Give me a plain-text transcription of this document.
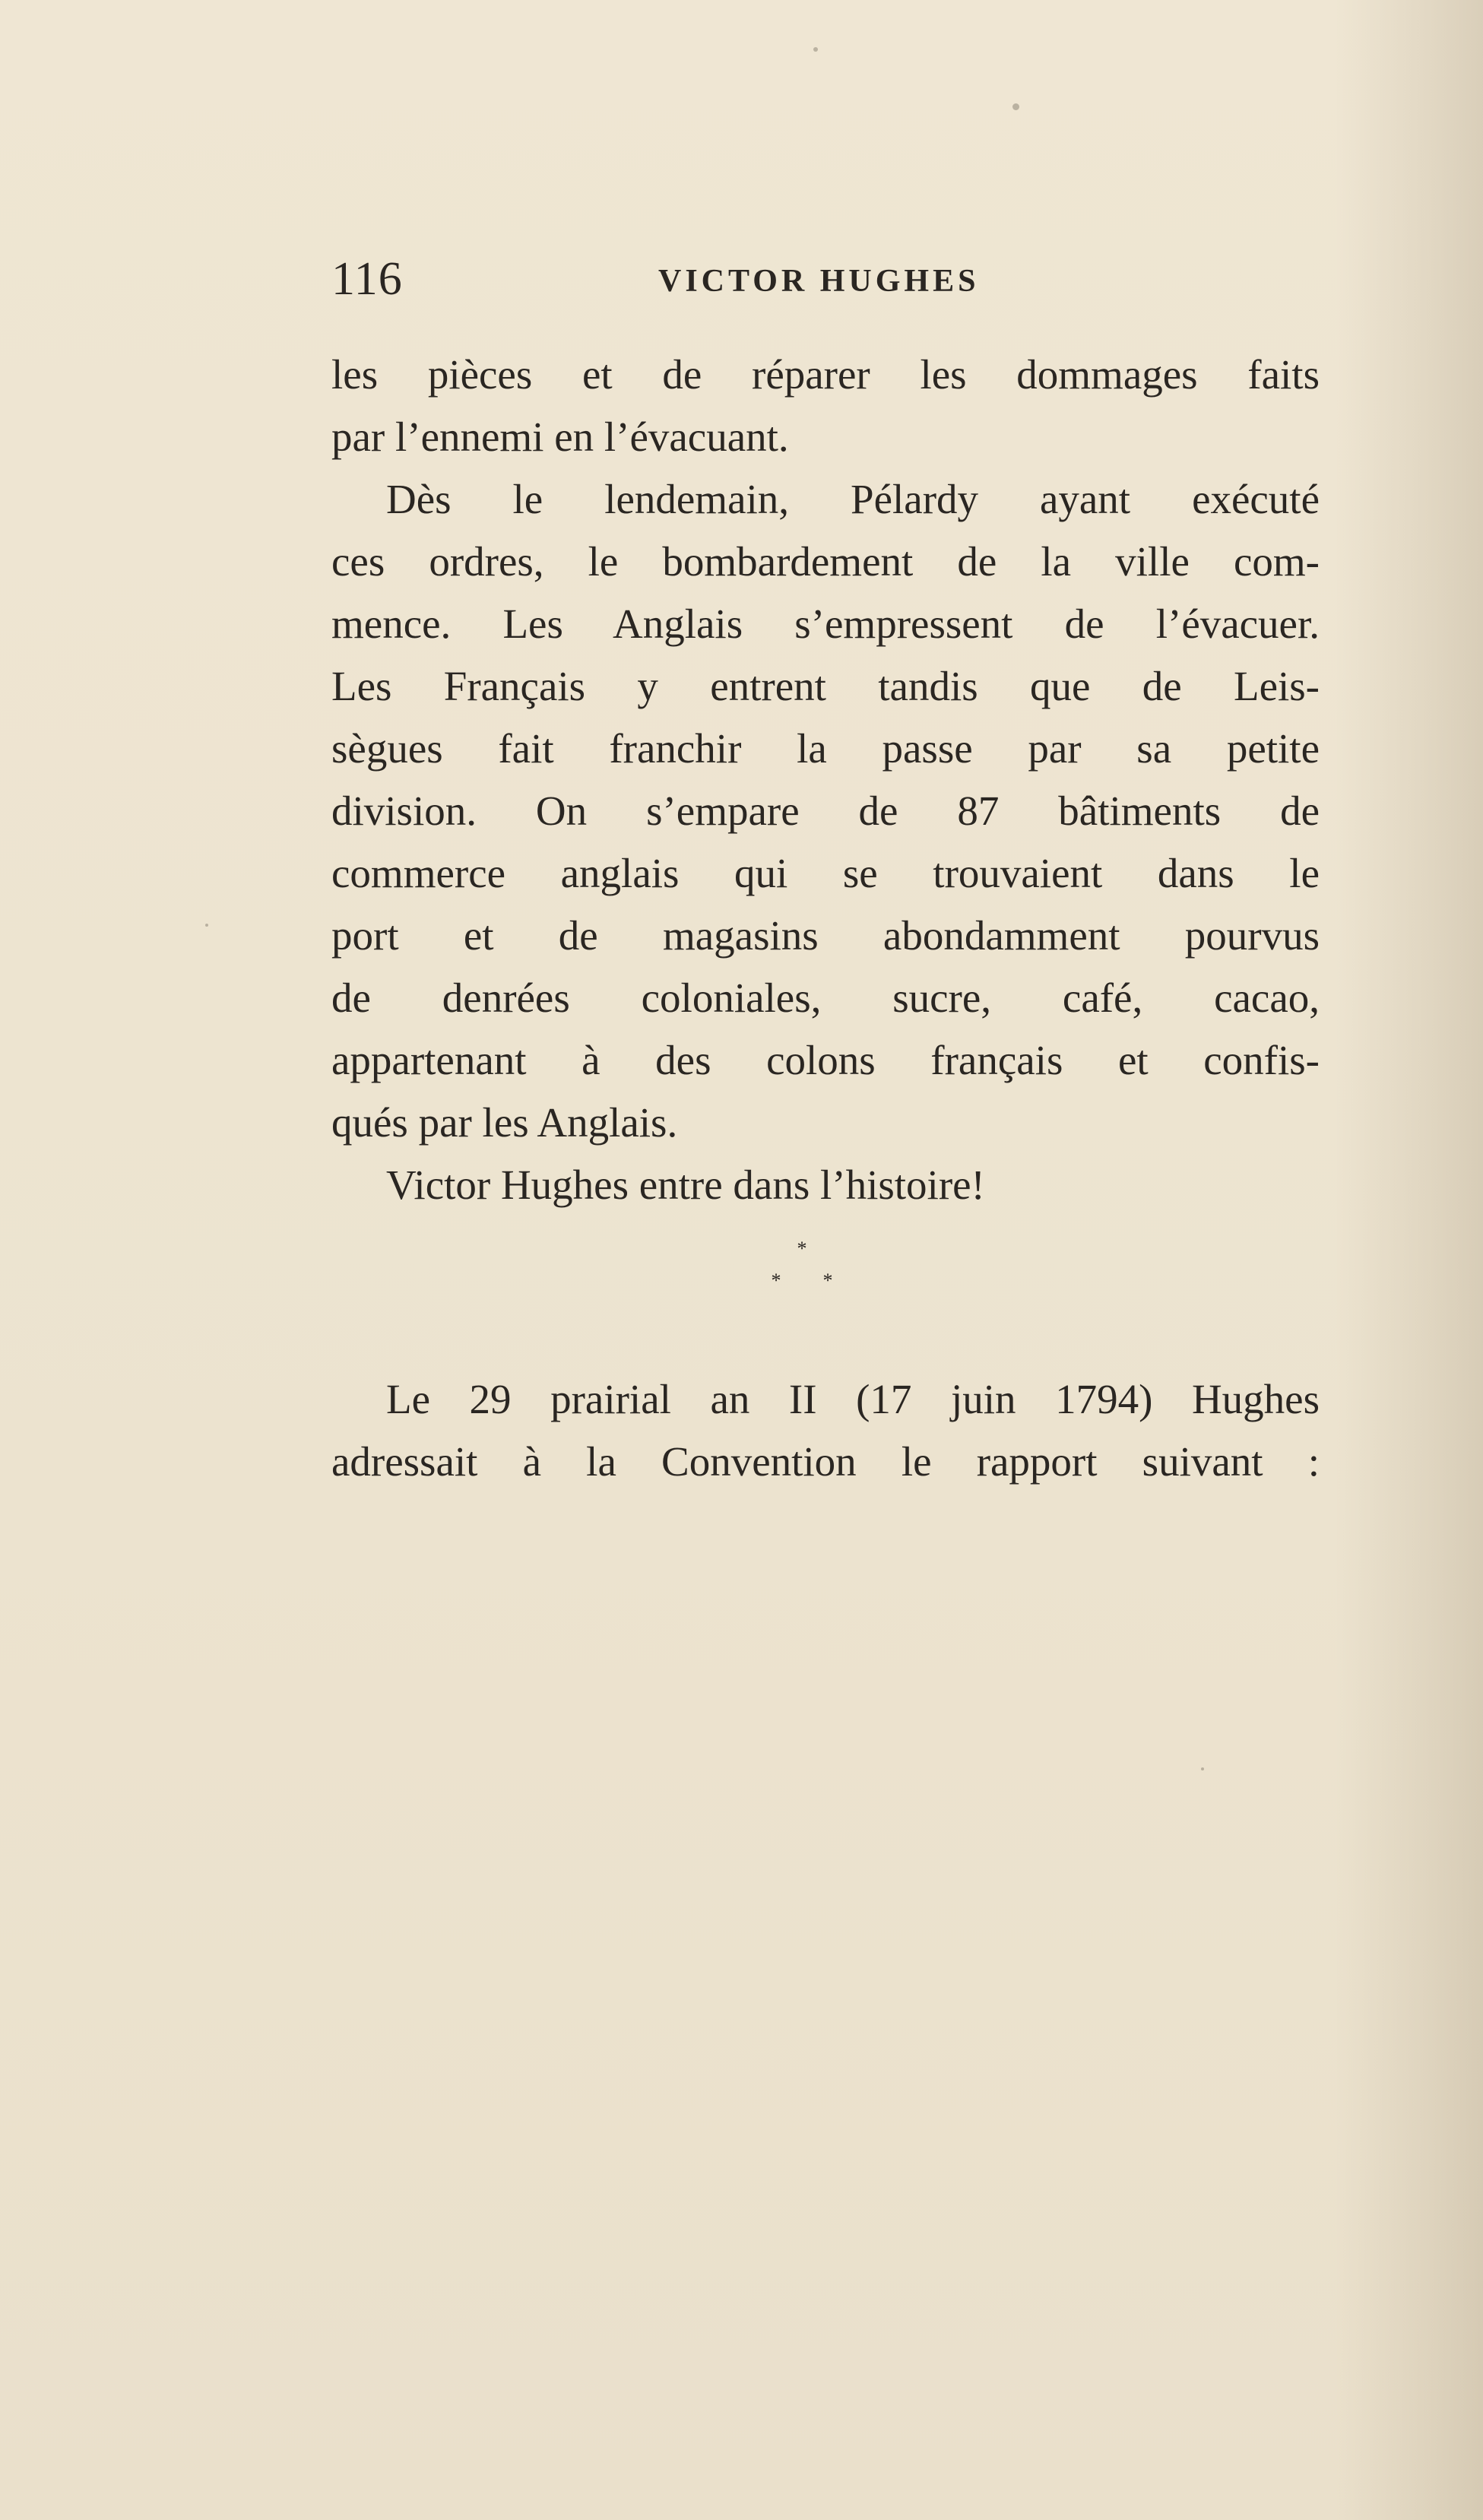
116	VICTOR HUGHES
les pièces et de réparer les dommages faits
par l’ennemi en l’évacuant.
Dès le lendemain, Pélardy ayant exécuté
ces ordres, le bombardement de la ville com-
mence. Les Anglais s’empressent de l’évacuer.
Les Français y entrent tandis que de Leis-
sègues fait franchir la passe par sa petite
division. On s’empare de 87 bâtiments de
commerce anglais qui se trouvaient dans le
port et de magasins abondamment pourvus
de denrées coloniales, sucre, café, cacao,
appartenant à des colons français et confis-
qués par les Anglais.
Victor Hughes entre dans l’histoire!
*
* *
Le 29 prairial an II (17 juin 1794) Hughes
adressait à la Convention le rapport suivant :
